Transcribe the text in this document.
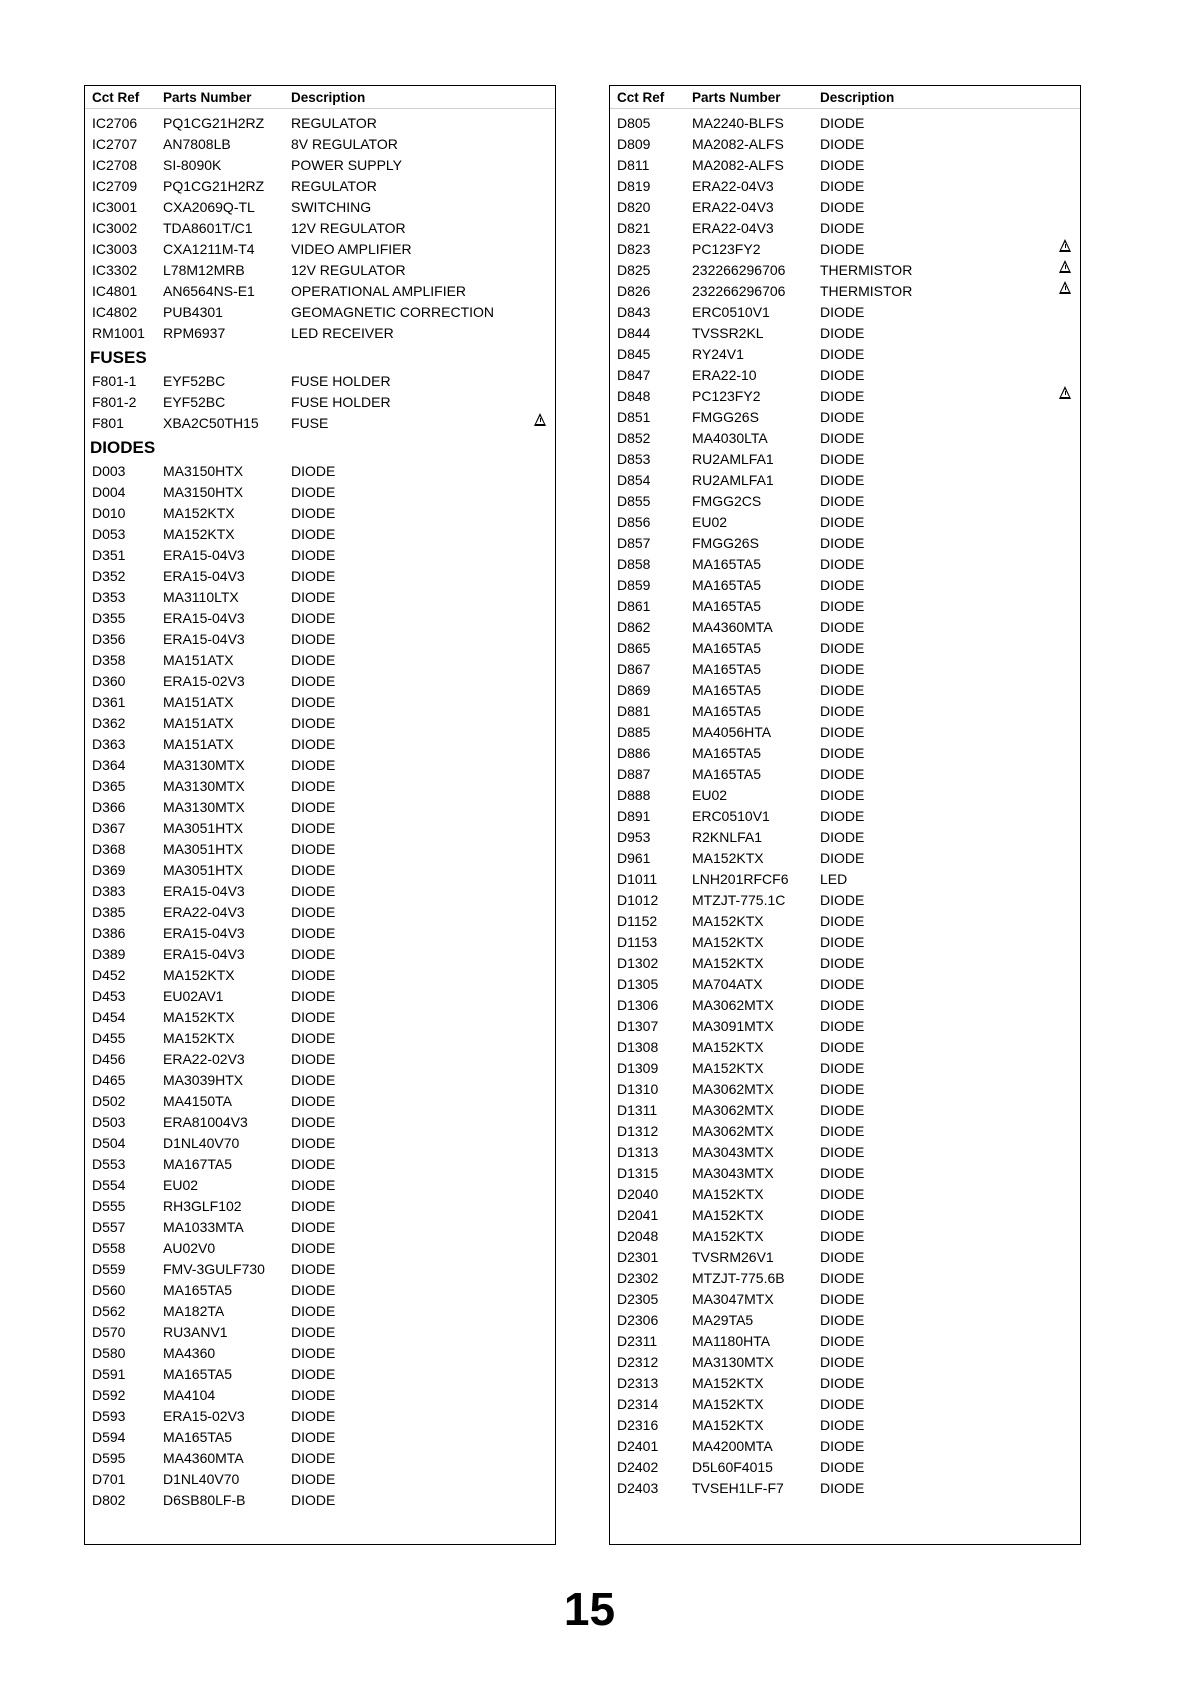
Cct Ref Parts Number	Description
IC2706 PQ1CG21H2RZ REGULATOR
IC2707 AN7808LB	8V REGULATOR
IC2708 SI-8090K	POWER SUPPLY
IC2709 PQ1CG21H2RZ REGULATOR
IC3001 CXA2069Q-TL	SWITCHING
IC3002 TDA8601T/C1	12V REGULATOR
IC3003 CXA1211M-T4	VIDEO AMPLIFIER
IC3302 L78M12MRB	12V REGULATOR
IC4801 AN6564NS-E1	OPERATIONAL AMPLIFIER
IC4802 PUB4301	GEOMAGNETIC CORRECTION
RM1001 RPM6937	LED RECEIVER
FUSES
F801-1 EYF52BC	FUSE HOLDER
F801-2 EYF52BC	FUSE HOLDER
F801	XBA2C50TH15 FUSE
DIODES
D003	MA3150HTX	DIODE
D004	MA3150HTX	DIODE
D010	MA152KTX	DIODE
D053	MA152KTX	DIODE
D351	ERA15-04V3	DIODE
D352	ERA15-04V3	DIODE
D353	MA3110LTX	DIODE
D355	ERA15-04V3	DIODE
D356	ERA15-04V3	DIODE
D358	MA151ATX	DIODE
D360	ERA15-02V3	DIODE
D361	MA151ATX	DIODE
D362	MA151ATX	DIODE
D363	MA151ATX	DIODE
D364	MA3130MTX	DIODE
D365	MA3130MTX	DIODE
D366	MA3130MTX	DIODE
D367	MA3051HTX	DIODE
D368	MA3051HTX	DIODE
D369	MA3051HTX	DIODE
D383	ERA15-04V3	DIODE
D385	ERA22-04V3	DIODE
D386	ERA15-04V3	DIODE
D389	ERA15-04V3	DIODE
D452	MA152KTX	DIODE
D453	EU02AV1	DIODE
D454	MA152KTX	DIODE
D455	MA152KTX	DIODE
D456	ERA22-02V3	DIODE
D465	MA3039HTX	DIODE
D502	MA4150TA	DIODE
D503	ERA81004V3	DIODE
D504	D1NL40V70	DIODE
D553	MA167TA5	DIODE
D554	EU02	DIODE
D555	RH3GLF102	DIODE
D557	MA1033MTA	DIODE
D558	AU02V0	DIODE
D559	FMV-3GULF730 DIODE
D560	MA165TA5	DIODE
D562	MA182TA	DIODE
D570	RU3ANV1	DIODE
D580	MA4360	DIODE
D591	MA165TA5	DIODE
D592	MA4104	DIODE
D593	ERA15-02V3	DIODE
D594	MA165TA5	DIODE
D595	MA4360MTA	DIODE
D701	D1NL40V70	DIODE
D802	D6SB80LF-B	DIODE
Cct Ref Parts Number	Description
D805	MA2240-BLFS	DIODE
D809	MA2082-ALFS	DIODE
D811	MA2082-ALFS	DIODE
D819	ERA22-04V3	DIODE
D820	ERA22-04V3	DIODE
D821	ERA22-04V3	DIODE
D823	PC123FY2	DIODE
D825	232266296706 THERMISTOR
D826	232266296706 THERMISTOR
D843	ERC0510V1	DIODE
D844	TVSSR2KL	DIODE
D845	RY24V1	DIODE
D847	ERA22-10	DIODE
D848	PC123FY2	DIODE
D851	FMGG26S	DIODE
D852	MA4030LTA	DIODE
D853	RU2AMLFA1	DIODE
D854	RU2AMLFA1	DIODE
D855	FMGG2CS	DIODE
D856	EU02	DIODE
D857	FMGG26S	DIODE
D858	MA165TA5	DIODE
D859	MA165TA5	DIODE
D861	MA165TA5	DIODE
D862	MA4360MTA	DIODE
D865	MA165TA5	DIODE
D867	MA165TA5	DIODE
D869	MA165TA5	DIODE
D881	MA165TA5	DIODE
D885	MA4056HTA	DIODE
D886	MA165TA5	DIODE
D887	MA165TA5	DIODE
D888	EU02	DIODE
D891	ERC0510V1	DIODE
D953	R2KNLFA1	DIODE
D961	MA152KTX	DIODE
D1011 LNH201RFCF6 LED
D1012 MTZJT-775.1C DIODE
D1152 MA152KTX	DIODE
D1153 MA152KTX	DIODE
D1302 MA152KTX	DIODE
D1305 MA704ATX	DIODE
D1306 MA3062MTX	DIODE
D1307 MA3091MTX	DIODE
D1308 MA152KTX	DIODE
D1309 MA152KTX	DIODE
D1310 MA3062MTX	DIODE
D1311 MA3062MTX	DIODE
D1312 MA3062MTX	DIODE
D1313 MA3043MTX	DIODE
D1315 MA3043MTX	DIODE
D2040 MA152KTX	DIODE
D2041 MA152KTX	DIODE
D2048 MA152KTX	DIODE
D2301 TVSRM26V1	DIODE
D2302 MTZJT-775.6B	DIODE
D2305 MA3047MTX	DIODE
D2306 MA29TA5	DIODE
D2311 MA1180HTA	DIODE
D2312 MA3130MTX	DIODE
D2313 MA152KTX	DIODE
D2314 MA152KTX	DIODE
D2316 MA152KTX	DIODE
D2401 MA4200MTA	DIODE
D2402 D5L60F4015	DIODE
D2403 TVSEH1LF-F7	DIODE
15
